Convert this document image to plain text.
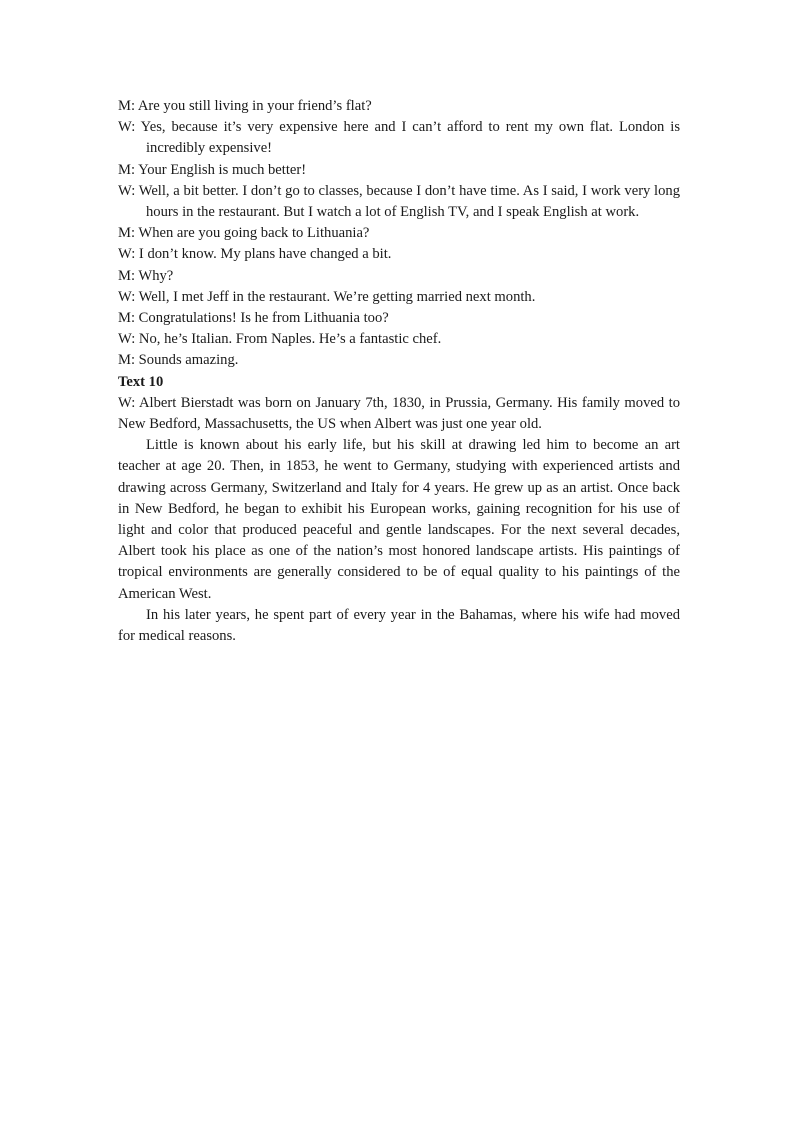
M: Are you still living in your friend’s flat?

W: Yes, because it’s very expensive here and I can’t afford to rent my own flat. London is incredibly expensive!

M: Your English is much better!

W: Well, a bit better. I don’t go to classes, because I don’t have time. As I said, I work very long hours in the restaurant. But I watch a lot of English TV, and I speak English at work.

M: When are you going back to Lithuania?

W: I don’t know. My plans have changed a bit.

M: Why?

W: Well, I met Jeff in the restaurant. We’re getting married next month.

M: Congratulations! Is he from Lithuania too?

W: No, he’s Italian. From Naples. He’s a fantastic chef.

M: Sounds amazing.

Text 10

W: Albert Bierstadt was born on January 7th, 1830, in Prussia, Germany. His family moved to New Bedford, Massachusetts, the US when Albert was just one year old.

Little is known about his early life, but his skill at drawing led him to become an art teacher at age 20. Then, in 1853, he went to Germany, studying with experienced artists and drawing across Germany, Switzerland and Italy for 4 years. He grew up as an artist. Once back in New Bedford, he began to exhibit his European works, gaining recognition for his use of light and color that produced peaceful and gentle landscapes. For the next several decades, Albert took his place as one of the nation’s most honored landscape artists. His paintings of tropical environments are generally considered to be of equal quality to his paintings of the American West.

In his later years, he spent part of every year in the Bahamas, where his wife had moved for medical reasons.
